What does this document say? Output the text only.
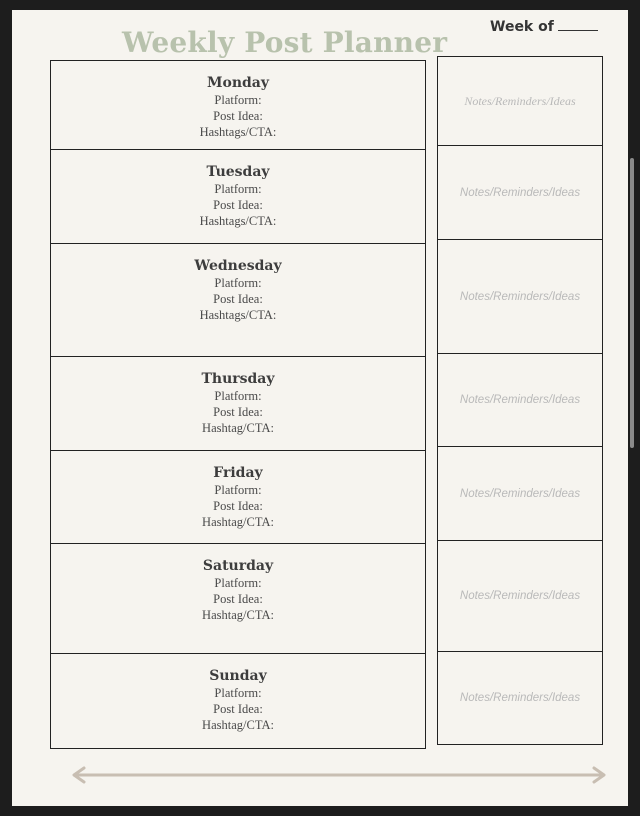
Weekly Post Planner	Week of
Monday
Platform:
Post Idea:
Hashtags/CTA:
Tuesday
Platform:
Post Idea:
Hashtags/CTA:
Wednesday
Platform:
Post Idea:
Hashtags/CTA:
Thursday
Platform:
Post Idea:
Hashtag/CTA:
Friday
Platform:
Post Idea:
Hashtag/CTA:
Saturday
Platform:
Post Idea:
Hashtag/CTA:
Sunday
Platform:
Post Idea:
Hashtag/CTA:
Notes/Reminders/Ideas
Notes/Reminders/Ideas
Notes/Reminders/Ideas
Notes/Reminders/Ideas
Notes/Reminders/Ideas
Notes/Reminders/Ideas
Notes/Reminders/Ideas
